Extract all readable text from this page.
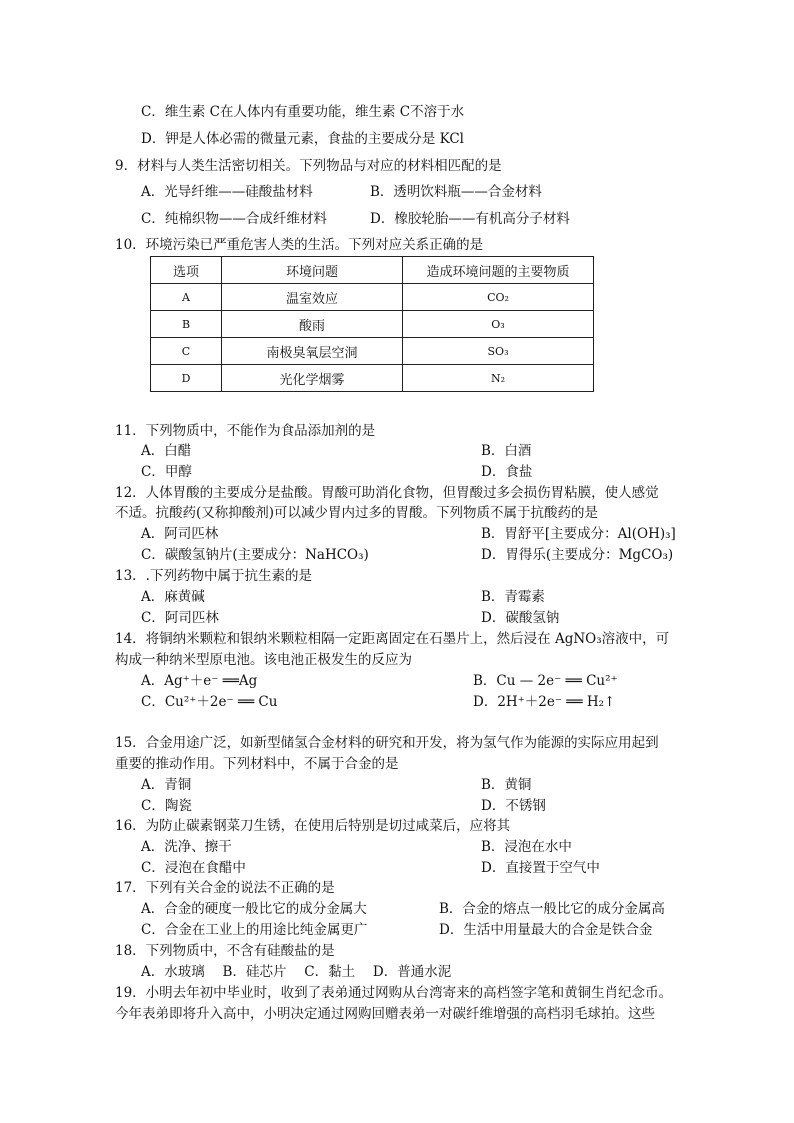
C．维生素 C在人体内有重要功能，维生素 C不溶于水
D．钾是人体必需的微量元素，食盐的主要成分是 KCl
9．材料与人类生活密切相关。下列物品与对应的材料相匹配的是
A．光导纤维——硅酸盐材料	B．透明饮料瓶——合金材料
C．纯棉织物——合成纤维材料	D．橡胶轮胎——有机高分子材料
10．环境污染已严重危害人类的生活。下列对应关系正确的是
选项	环境问题	造成环境问题的主要物质
A	温室效应	CO₂
B	酸雨	O₃
C	南极臭氧层空洞	SO₃
D	光化学烟雾	N₂
11．下列物质中，不能作为食品添加剂的是
A．白醋	B．白酒
C．甲醇	D．食盐
12．人体胃酸的主要成分是盐酸。胃酸可助消化食物，但胃酸过多会损伤胃粘膜，使人感觉
不适。抗酸药(又称抑酸剂)可以减少胃内过多的胃酸。下列物质不属于抗酸药的是
A．阿司匹林	B．胃舒平[主要成分：Al(OH)₃]
C．碳酸氢钠片(主要成分：NaHCO₃)	D．胃得乐(主要成分：MgCO₃)
13．.下列药物中属于抗生素的是
A．麻黄碱	B．青霉素
C．阿司匹林	D．碳酸氢钠
14．将铜纳米颗粒和银纳米颗粒相隔一定距离固定在石墨片上，然后浸在 AgNO₃溶液中，可
构成一种纳米型原电池。该电池正极发生的反应为
A．Ag⁺＋e⁻ ══Ag	B．Cu — 2e⁻ ══ Cu²⁺
C．Cu²⁺＋2e⁻ ══ Cu	D．2H⁺＋2e⁻ ══ H₂↑
15．合金用途广泛，如新型储氢合金材料的研究和开发，将为氢气作为能源的实际应用起到
重要的推动作用。下列材料中，不属于合金的是
A．青铜	B．黄铜
C．陶瓷	D．不锈钢
16．为防止碳素钢菜刀生锈，在使用后特别是切过咸菜后，应将其
A．洗净、擦干	B．浸泡在水中
C．浸泡在食醋中	D．直接置于空气中
17．下列有关合金的说法不正确的是
A．合金的硬度一般比它的成分金属大	B．合金的熔点一般比它的成分金属高
C．合金在工业上的用途比纯金属更广	D．生活中用量最大的合金是铁合金
18．下列物质中，不含有硅酸盐的是
A．水玻璃　 B．硅芯片　 C．黏土　 D．普通水泥
19．小明去年初中毕业时，收到了表弟通过网购从台湾寄来的高档签字笔和黄铜生肖纪念币。
今年表弟即将升入高中，小明决定通过网购回赠表弟一对碳纤维增强的高档羽毛球拍。这些
